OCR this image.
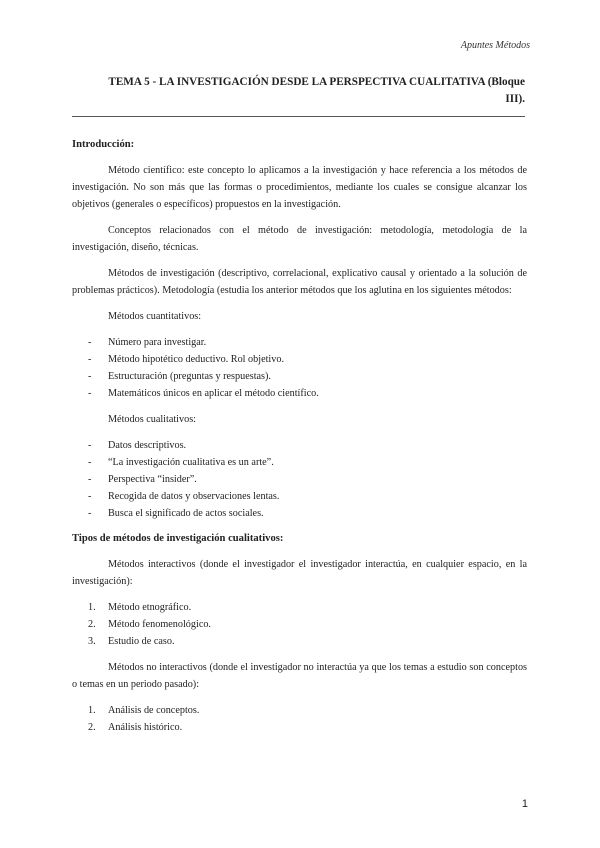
Apuntes Métodos
TEMA 5 - LA INVESTIGACIÓN DESDE LA PERSPECTIVA CUALITATIVA (Bloque III).
Introducción:

Método científico: este concepto lo aplicamos a la investigación y hace referencia a los métodos de investigación. No son más que las formas o procedimientos, mediante los cuales se consigue alcanzar los objetivos (generales o específicos) propuestos en la investigación.

Conceptos relacionados con el método de investigación: metodología, metodología de la investigación, diseño, técnicas.

Métodos de investigación (descriptivo, correlacional, explicativo causal y orientado a la solución de problemas prácticos). Metodología (estudia los anterior métodos que los aglutina en los siguientes métodos:

Métodos cuantitativos:

- Número para investigar.
- Método hipotético deductivo. Rol objetivo.
- Estructuración (preguntas y respuestas).
- Matemáticos únicos en aplicar el método científico.

Métodos cualitativos:

- Datos descriptivos.
- “La investigación cualitativa es un arte”.
- Perspectiva “insider”.
- Recogida de datos y observaciones lentas.
- Busca el significado de actos sociales.
Tipos de métodos de investigación cualitativos:

Métodos interactivos (donde el investigador el investigador interactúa, en cualquier espacio, en la investigación):

1. Método etnográfico.
2. Método fenomenológico.
3. Estudio de caso.

Métodos no interactivos (donde el investigador no interactúa ya que los temas a estudio son conceptos o temas en un periodo pasado):

1. Análisis de conceptos.
2. Análisis histórico.
1
